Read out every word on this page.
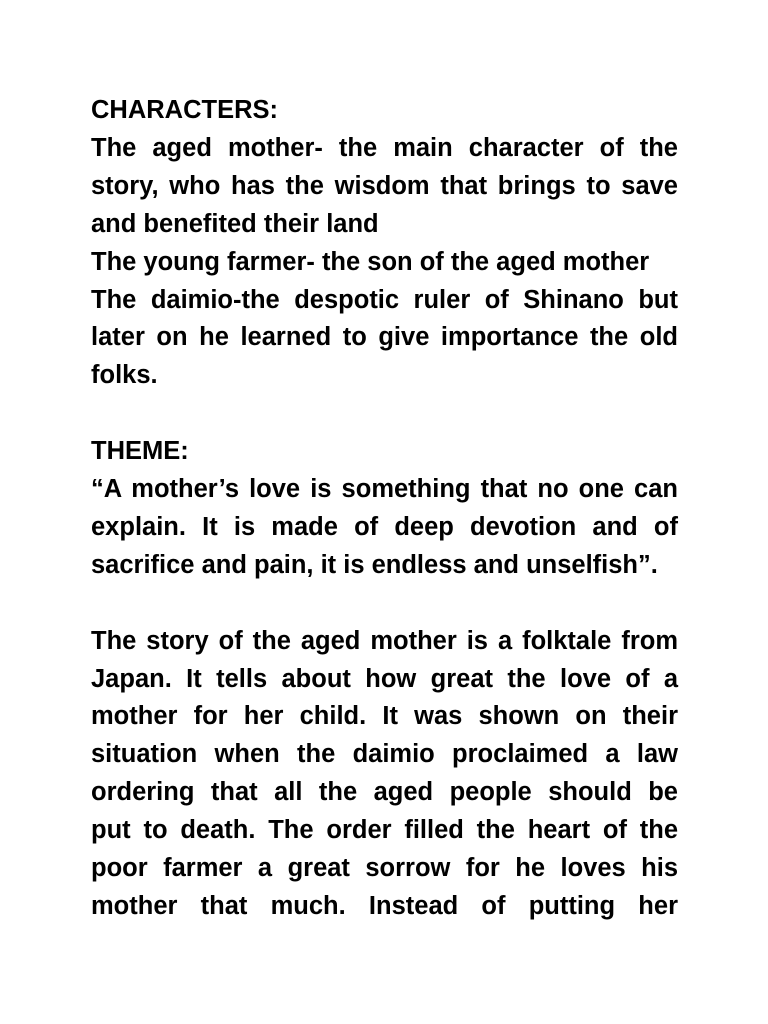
CHARACTERS:
The aged mother- the main character of the
story, who has the wisdom that brings to save
and benefited their land
The young farmer- the son of the aged mother
The daimio-the despotic ruler of Shinano but
later on he learned to give importance the old
folks.
THEME:
“A mother’s love is something that no one can
explain. It is made of deep devotion and of
sacrifice and pain, it is endless and unselfish”.
The story of the aged mother is a folktale from
Japan. It tells about how great the love of a
mother for her child. It was shown on their
situation when the daimio proclaimed a law
ordering that all the aged people should be
put to death. The order filled the heart of the
poor farmer a great sorrow for he loves his
mother that much. Instead of putting her
